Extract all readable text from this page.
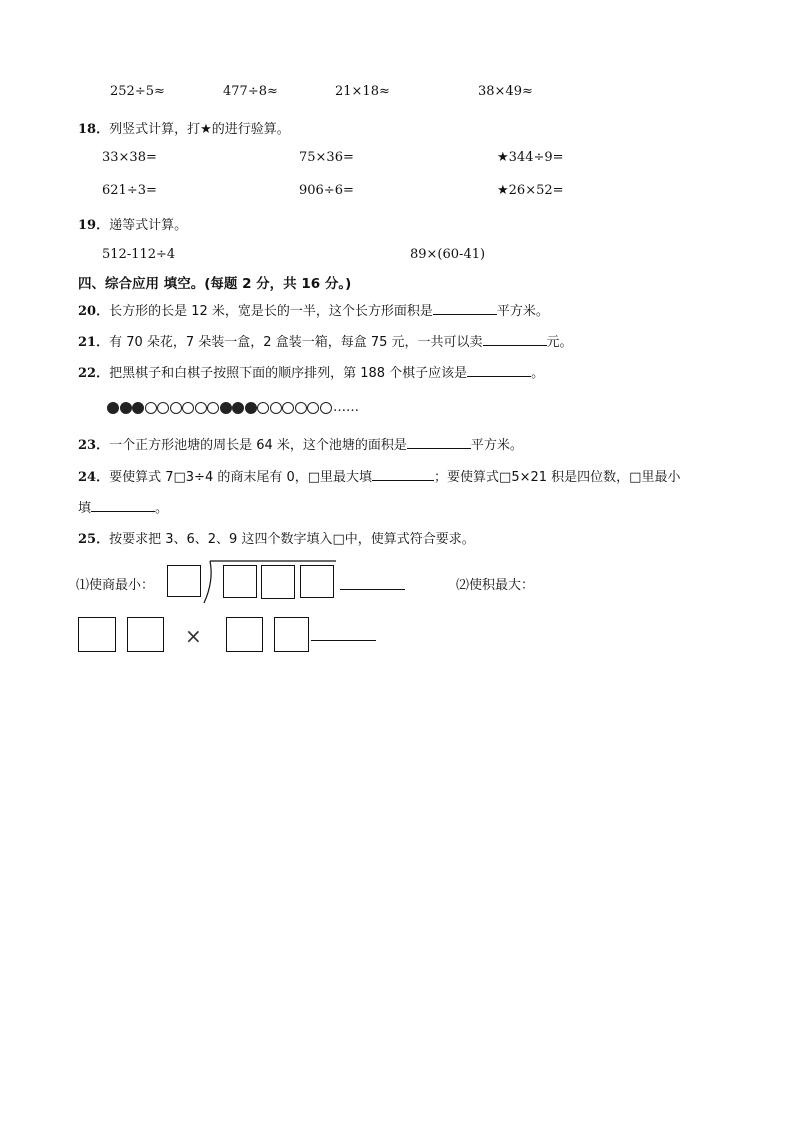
252÷5≈	477÷8≈	21×18≈	38×49≈
18．列竖式计算，打★的进行验算。
33×38=	75×36=	★344÷9=
621÷3=	906÷6=	★26×52=
19．递等式计算。
512-112÷4	89×(60-41)
四、综合应用 填空。(每题 2 分，共 16 分。)
20．长方形的长是 12 米，宽是长的一半，这个长方形面积是	平方米。
21．有 70 朵花，7 朵装一盒，2 盒装一箱，每盒 75 元，一共可以卖	元。
22．把黑棋子和白棋子按照下面的顺序排列，第 188 个棋子应该是	。
……
23．一个正方形池塘的周长是 64 米，这个池塘的面积是	平方米。
24．要使算式 7□3÷4 的商末尾有 0，□里最大填	；要使算式□5×21 积是四位数，□里最小
填	。
25．按要求把 3、6、2、9 这四个数字填入□中，使算式符合要求。
⑴使商最小：	⑵使积最大：
×
